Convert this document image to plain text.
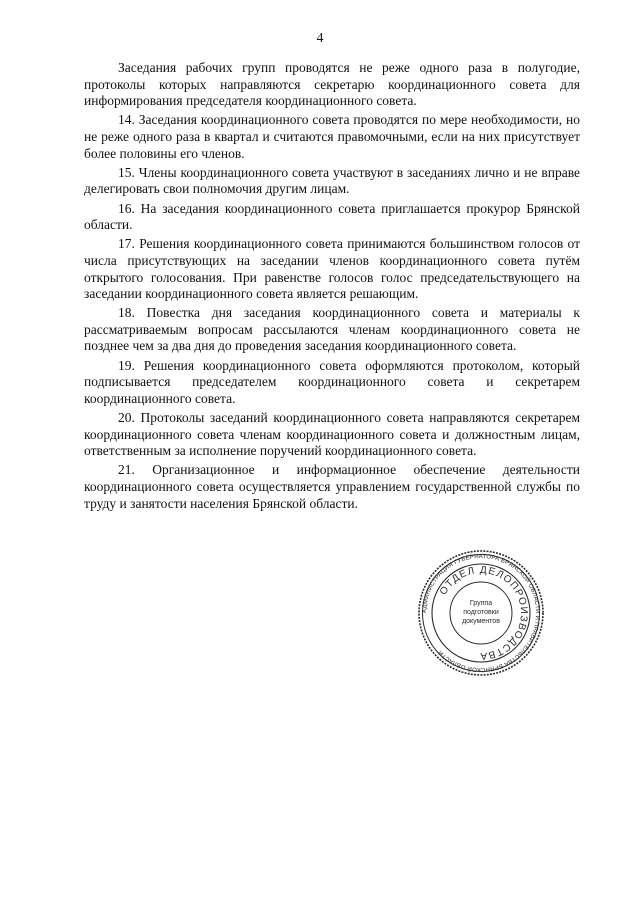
4

Заседания рабочих групп проводятся не реже одного раза в полугодие, протоколы которых направляются секретарю координационного совета для информирования председателя координационного совета.

14. Заседания координационного совета проводятся по мере необходимости, но не реже одного раза в квартал и считаются правомочными, если на них присутствует более половины его членов.

15. Члены координационного совета участвуют в заседаниях лично и не вправе делегировать свои полномочия другим лицам.

16. На заседания координационного совета приглашается прокурор Брянской области.

17. Решения координационного совета принимаются большинством голосов от числа присутствующих на заседании членов координационного совета путём открытого голосования. При равенстве голосов голос председательствующего на заседании координационного совета является решающим.

18. Повестка дня заседания координационного совета и материалы к рассматриваемым вопросам рассылаются членам координационного совета не позднее чем за два дня до проведения заседания координационного совета.

19. Решения координационного совета оформляются протоколом, который подписывается председателем координационного совета и секретарем координационного совета.

20. Протоколы заседаний координационного совета направляются секретарем координационного совета членам координационного совета и должностным лицам, ответственным за исполнение поручений координационного совета.

21. Организационное и информационное обеспечение деятельности координационного совета осуществляется управлением государственной службы по труду и занятости населения Брянской области.

АДМИНИСТРАЦИЯ ГУБЕРНАТОРА БРЯНСКОЙ ОБЛАСТИ И ПРАВИТЕЛЬСТВА БРЯНСКОЙ ОБЛАСТИ
ОТДЕЛ ДЕЛОПРОИЗВОДСТВА
Группа
подготовки
документов
